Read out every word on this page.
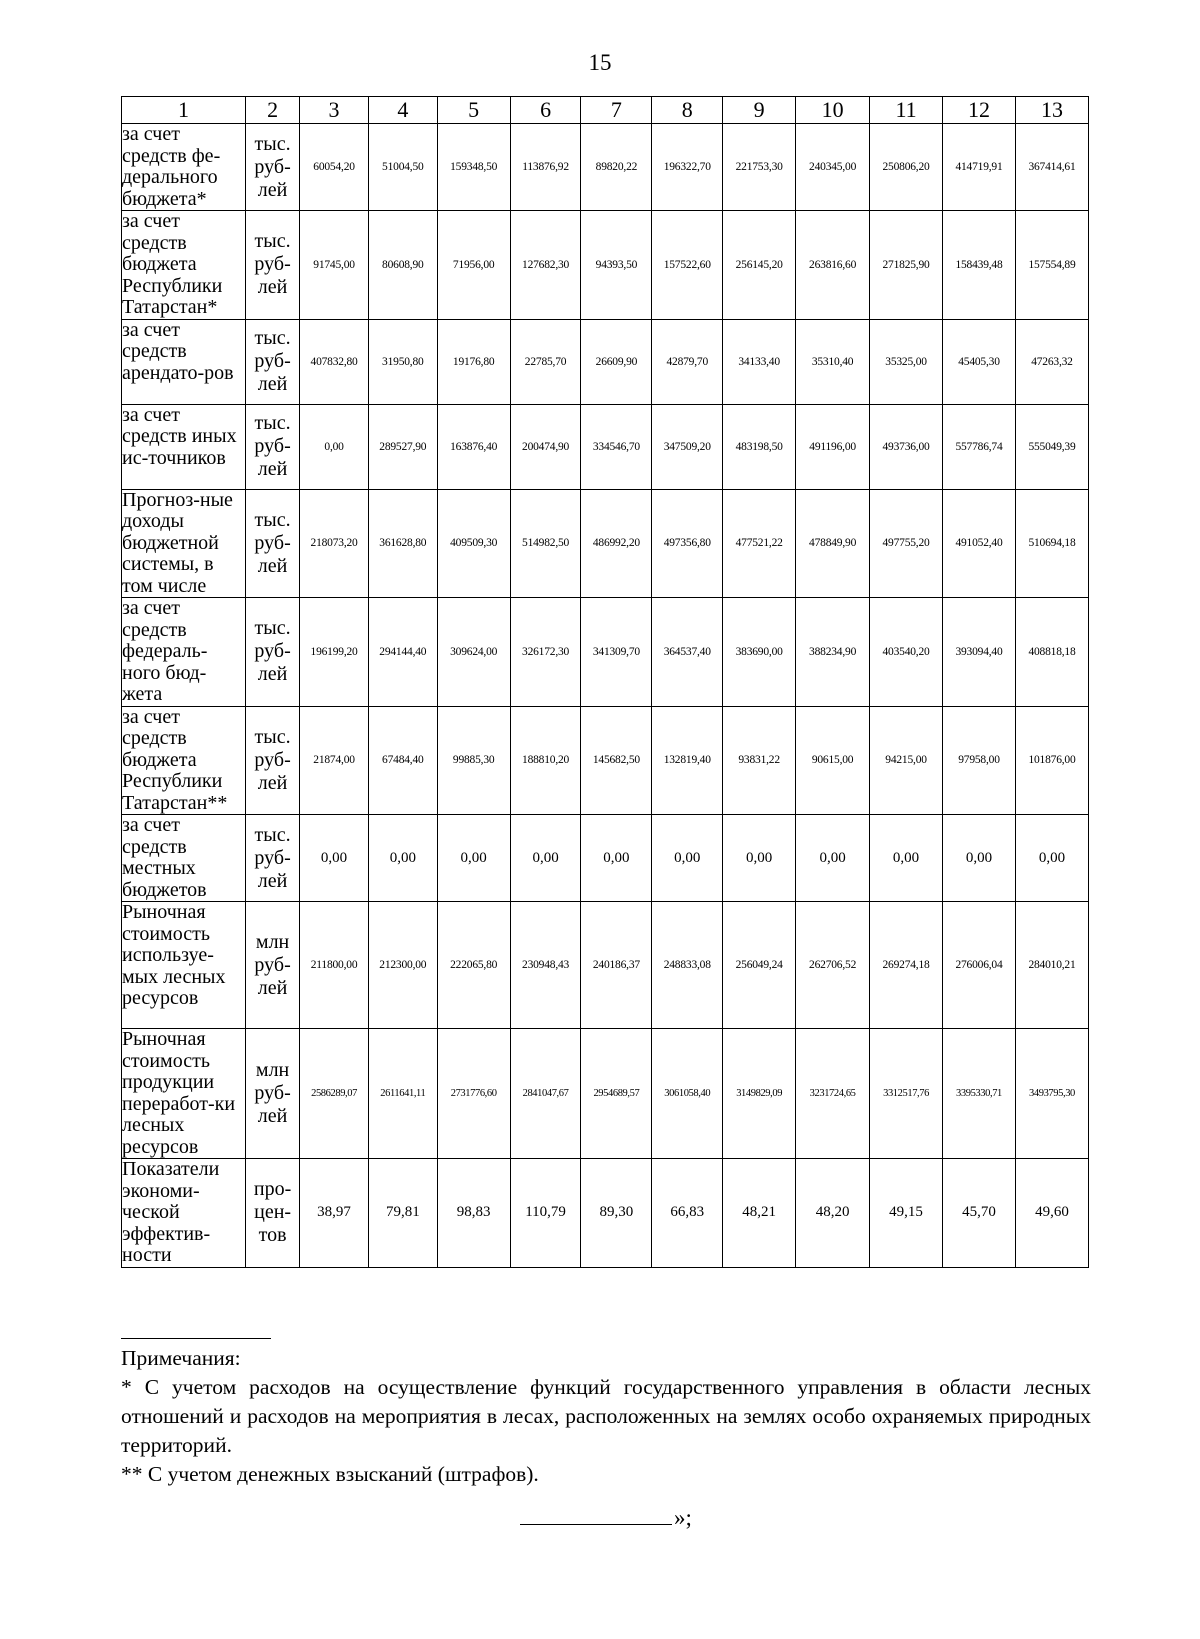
15
1	2	3	4	5	6	7	8	9	10	11	12	13
за счет средств фе-дерального бюджета*	тыс. руб-лей	60054,20	51004,50	159348,50	113876,92	89820,22	196322,70	221753,30	240345,00	250806,20	414719,91	367414,61
за счет средств бюджета Республики Татарстан*	тыс. руб-лей	91745,00	80608,90	71956,00	127682,30	94393,50	157522,60	256145,20	263816,60	271825,90	158439,48	157554,89
за счет средств арендато-ров	тыс. руб-лей	407832,80	31950,80	19176,80	22785,70	26609,90	42879,70	34133,40	35310,40	35325,00	45405,30	47263,32
за счет средств иных ис-точников	тыс. руб-лей	0,00	289527,90	163876,40	200474,90	334546,70	347509,20	483198,50	491196,00	493736,00	557786,74	555049,39
Прогноз-ные доходы бюджетной системы, в том числе	тыс. руб-лей	218073,20	361628,80	409509,30	514982,50	486992,20	497356,80	477521,22	478849,90	497755,20	491052,40	510694,18
за счет средств федераль-ного бюд-жета	тыс. руб-лей	196199,20	294144,40	309624,00	326172,30	341309,70	364537,40	383690,00	388234,90	403540,20	393094,40	408818,18
за счет средств бюджета Республики Татарстан**	тыс. руб-лей	21874,00	67484,40	99885,30	188810,20	145682,50	132819,40	93831,22	90615,00	94215,00	97958,00	101876,00
за счет средств местных бюджетов	тыс. руб-лей	0,00	0,00	0,00	0,00	0,00	0,00	0,00	0,00	0,00	0,00	0,00
Рыночная стоимость используе-мых лесных ресурсов	млн руб-лей	211800,00	212300,00	222065,80	230948,43	240186,37	248833,08	256049,24	262706,52	269274,18	276006,04	284010,21
Рыночная стоимость продукции переработ-ки лесных ресурсов	млн руб-лей	2586289,07	2611641,11	2731776,60	2841047,67	2954689,57	3061058,40	3149829,09	3231724,65	3312517,76	3395330,71	3493795,30
Показатели экономи-ческой эффектив-ности	про-цен-тов	38,97	79,81	98,83	110,79	89,30	66,83	48,21	48,20	49,15	45,70	49,60

Примечания:

* С учетом расходов на осуществление функций государственного управления в области лесных отношений и расходов на мероприятия в лесах, расположенных на землях особо охраняемых природных территорий.

** С учетом денежных взысканий (штрафов).

»;
